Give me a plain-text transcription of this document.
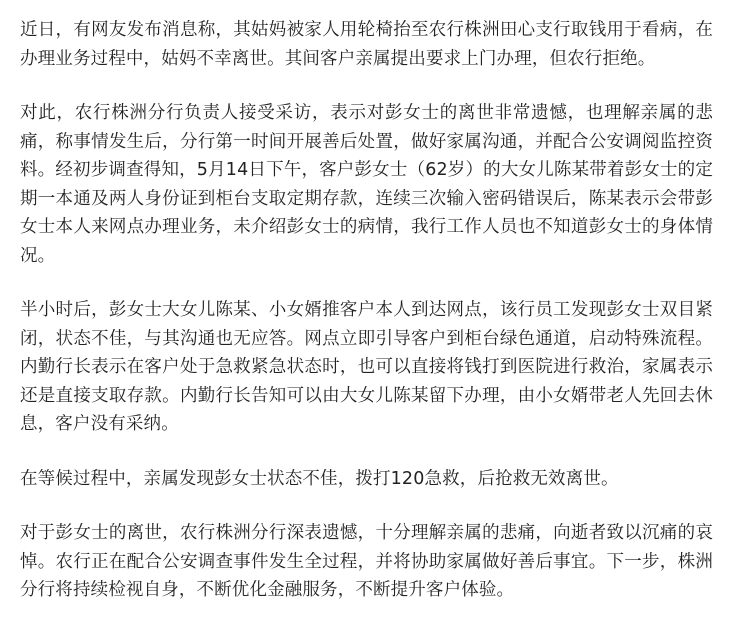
近日，有网友发布消息称，其姑妈被家人用轮椅抬至农行株洲田心支行取钱用于看病，在办理业务过程中，姑妈不幸离世。其间客户亲属提出要求上门办理，但农行拒绝。

对此，农行株洲分行负责人接受采访，表示对彭女士的离世非常遗憾，也理解亲属的悲痛，称事情发生后，分行第一时间开展善后处置，做好家属沟通，并配合公安调阅监控资料。经初步调查得知，5月14日下午，客户彭女士（62岁）的大女儿陈某带着彭女士的定期一本通及两人身份证到柜台支取定期存款，连续三次输入密码错误后，陈某表示会带彭女士本人来网点办理业务，未介绍彭女士的病情，我行工作人员也不知道彭女士的身体情况。

半小时后，彭女士大女儿陈某、小女婿推客户本人到达网点，该行员工发现彭女士双目紧闭，状态不佳，与其沟通也无应答。网点立即引导客户到柜台绿色通道，启动特殊流程。内勤行长表示在客户处于急救紧急状态时，也可以直接将钱打到医院进行救治，家属表示还是直接支取存款。内勤行长告知可以由大女儿陈某留下办理，由小女婿带老人先回去休息，客户没有采纳。

在等候过程中，亲属发现彭女士状态不佳，拨打120急救，后抢救无效离世。

对于彭女士的离世，农行株洲分行深表遗憾，十分理解亲属的悲痛，向逝者致以沉痛的哀悼。农行正在配合公安调查事件发生全过程，并将协助家属做好善后事宜。下一步，株洲分行将持续检视自身，不断优化金融服务，不断提升客户体验。
